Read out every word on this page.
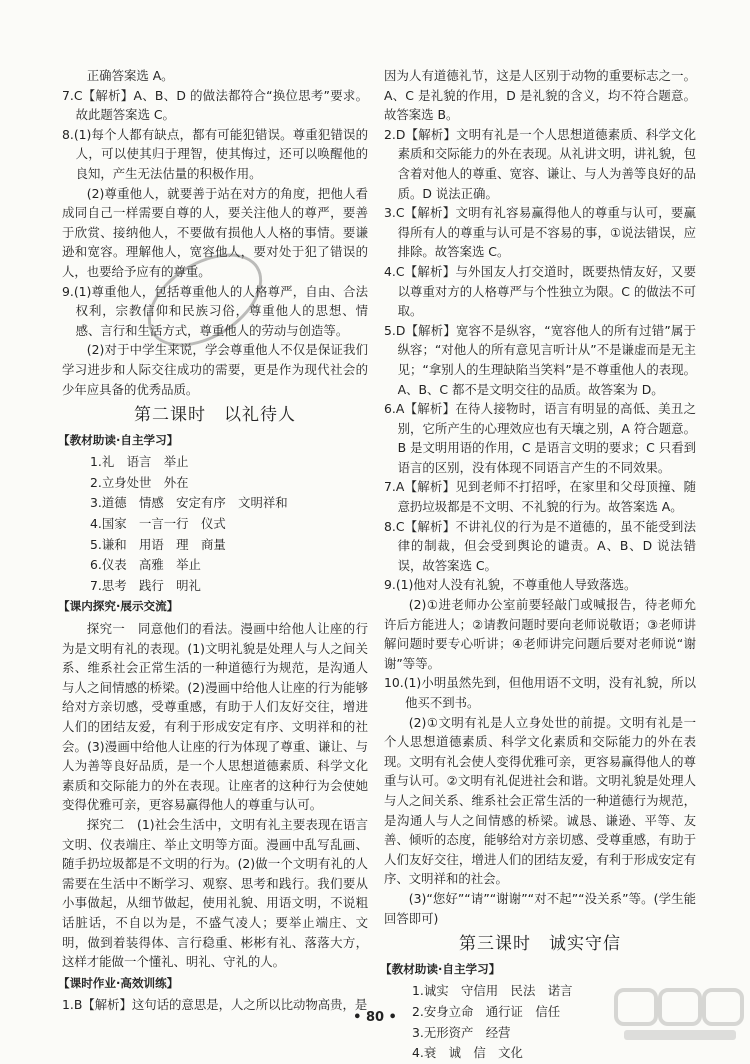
正确答案选 A。

7.C【解析】A、B、D 的做法都符合“换位思考”要求。故此题答案选 C。

8.(1)每个人都有缺点，都有可能犯错误。尊重犯错误的人，可以使其归于理智，使其悔过，还可以唤醒他的良知，产生无法估量的积极作用。

(2)尊重他人，就要善于站在对方的角度，把他人看成同自己一样需要自尊的人，要关注他人的尊严，要善于欣赏、接纳他人，不要做有损他人人格的事情。要谦逊和宽容。理解他人，宽容他人，要对处于犯了错误的人，也要给予应有的尊重。

9.(1)尊重他人，包括尊重他人的人格尊严，自由、合法权利，宗教信仰和民族习俗，尊重他人的思想、情感、言行和生活方式，尊重他人的劳动与创造等。

(2)对于中学生来说，学会尊重他人不仅是保证我们学习进步和人际交往成功的需要，更是作为现代社会的少年应具备的优秀品质。

第二课时　以礼待人
【教材助读·自主学习】

1.礼　语言　举止

2.立身处世　外在

3.道德　情感　安定有序　文明祥和

4.国家　一言一行　仪式

5.谦和　用语　理　商量

6.仪表　高雅　举止

7.思考　践行　明礼

【课内探究·展示交流】

探究一　同意他们的看法。漫画中给他人让座的行为是文明有礼的表现。(1)文明礼貌是处理人与人之间关系、维系社会正常生活的一种道德行为规范，是沟通人与人之间情感的桥梁。(2)漫画中给他人让座的行为能够给对方亲切感，受尊重感，有助于人们友好交往，增进人们的团结友爱，有利于形成安定有序、文明祥和的社会。(3)漫画中给他人让座的行为体现了尊重、谦让、与人为善等良好品质，是一个人思想道德素质、科学文化素质和交际能力的外在表现。让座者的这种行为会使她变得优雅可亲，更容易赢得他人的尊重与认可。

探究二　(1)社会生活中，文明有礼主要表现在语言文明、仪表端庄、举止文明等方面。漫画中乱写乱画、随手扔垃圾都是不文明的行为。(2)做一个文明有礼的人需要在生活中不断学习、观察、思考和践行。我们要从小事做起，从细节做起，使用礼貌、用语文明，不说粗话脏话，不自以为是，不盛气凌人；要举止端庄、文明，做到着装得体、言行稳重、彬彬有礼、落落大方，这样才能做一个懂礼、明礼、守礼的人。

【课时作业·高效训练】

1.B【解析】这句话的意思是，人之所以比动物高贵，是

因为人有道德礼节，这是人区别于动物的重要标志之一。A、C 是礼貌的作用，D 是礼貌的含义，均不符合题意。故答案选 B。

2.D【解析】文明有礼是一个人思想道德素质、科学文化素质和交际能力的外在表现。从礼讲文明，讲礼貌，包含着对他人的尊重、宽容、谦让、与人为善等良好的品质。D 说法正确。

3.C【解析】文明有礼容易赢得他人的尊重与认可，要赢得所有人的尊重与认可是不容易的事，①说法错误，应排除。故答案选 C。

4.C【解析】与外国友人打交道时，既要热情友好，又要以尊重对方的人格尊严与个性独立为限。C 的做法不可取。

5.D【解析】宽容不是纵容，“宽容他人的所有过错”属于纵容；“对他人的所有意见言听计从”不是谦虚而是无主见；“拿别人的生理缺陷当笑料”是不尊重他人的表现。A、B、C 都不是文明交往的品质。故答案为 D。

6.A【解析】在待人接物时，语言有明显的高低、美丑之别，它所产生的心理效应也有天壤之别，A 符合题意。B 是文明用语的作用，C 是语言文明的要求；C 只看到语言的区别，没有体现不同语言产生的不同效果。

7.A【解析】见到老师不打招呼，在家里和父母顶撞、随意扔垃圾都是不文明、不礼貌的行为。故答案选 A。

8.C【解析】不讲礼仪的行为是不道德的，虽不能受到法律的制裁，但会受到舆论的谴责。A、B、D 说法错误，故答案选 C。

9.(1)他对人没有礼貌，不尊重他人导致落选。

(2)①进老师办公室前要轻敲门或喊报告，待老师允许后方能进人；②请教问题时要向老师说敬语；③老师讲解问题时要专心听讲；④老师讲完问题后要对老师说“谢谢”等等。

10.(1)小明虽然先到，但他用语不文明，没有礼貌，所以他买不到书。

(2)①文明有礼是人立身处世的前提。文明有礼是一个人思想道德素质、科学文化素质和交际能力的外在表现。文明有礼会使人变得优雅可亲，更容易赢得他人的尊重与认可。②文明有礼促进社会和谐。文明礼貌是处理人与人之间关系、维系社会正常生活的一种道德行为规范，是沟通人与人之间情感的桥梁。诚恳、谦逊、平等、友善、倾听的态度，能够给对方亲切感、受尊重感，有助于人们友好交往，增进人们的团结友爱，有利于形成安定有序、文明祥和的社会。

(3)“您好”“请”“谢谢”“对不起”“没关系”等。(学生能回答即可)

第三课时　诚实守信
【教材助读·自主学习】

1.诚实　守信用　民法　诺言

2.安身立命　通行证　信任

3.无形资产　经营

4.衰　诚　信　文化

• 80 •
